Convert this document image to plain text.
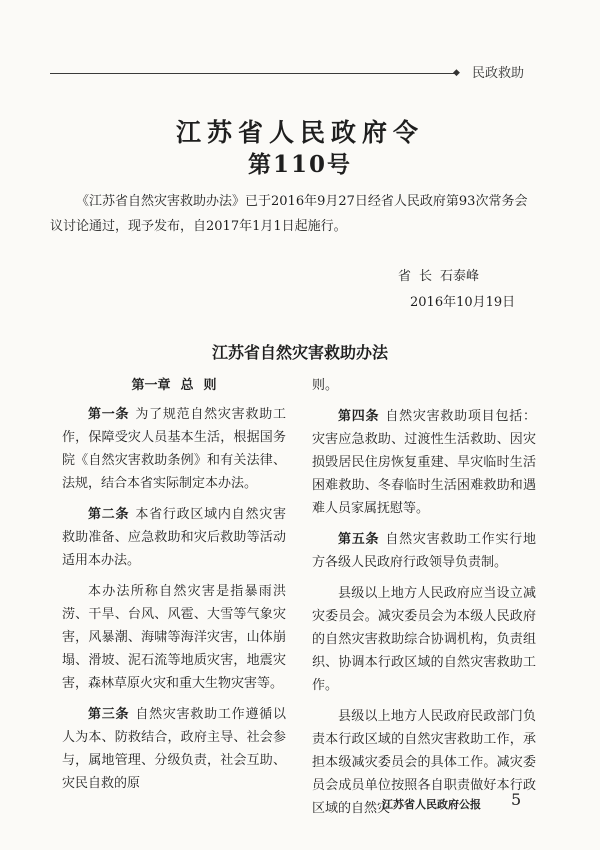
◆ 民政救助
江苏省人民政府令
第110号
《江苏省自然灾害救助办法》已于2016年9月27日经省人民政府第93次常务会议讨论通过，现予发布，自2017年1月1日起施行。
省 长 石泰峰
2016年10月19日
江苏省自然灾害救助办法
第一章 总 则

第一条 为了规范自然灾害救助工作，保障受灾人员基本生活，根据国务院《自然灾害救助条例》和有关法律、法规，结合本省实际制定本办法。

第二条 本省行政区域内自然灾害救助准备、应急救助和灾后救助等活动适用本办法。

本办法所称自然灾害是指暴雨洪涝、干旱、台风、风雹、大雪等气象灾害，风暴潮、海啸等海洋灾害，山体崩塌、滑坡、泥石流等地质灾害，地震灾害，森林草原火灾和重大生物灾害等。

第三条 自然灾害救助工作遵循以人为本、防救结合，政府主导、社会参与，属地管理、分级负责，社会互助、灾民自救的原

则。

第四条 自然灾害救助项目包括：灾害应急救助、过渡性生活救助、因灾损毁居民住房恢复重建、旱灾临时生活困难救助、冬春临时生活困难救助和遇难人员家属抚慰等。

第五条 自然灾害救助工作实行地方各级人民政府行政领导负责制。

县级以上地方人民政府应当设立减灾委员会。减灾委员会为本级人民政府的自然灾害救助综合协调机构，负责组织、协调本行政区域的自然灾害救助工作。

县级以上地方人民政府民政部门负责本行政区域的自然灾害救助工作，承担本级减灾委员会的具体工作。减灾委员会成员单位按照各自职责做好本行政区域的自然灾

江苏省人民政府公报 5
